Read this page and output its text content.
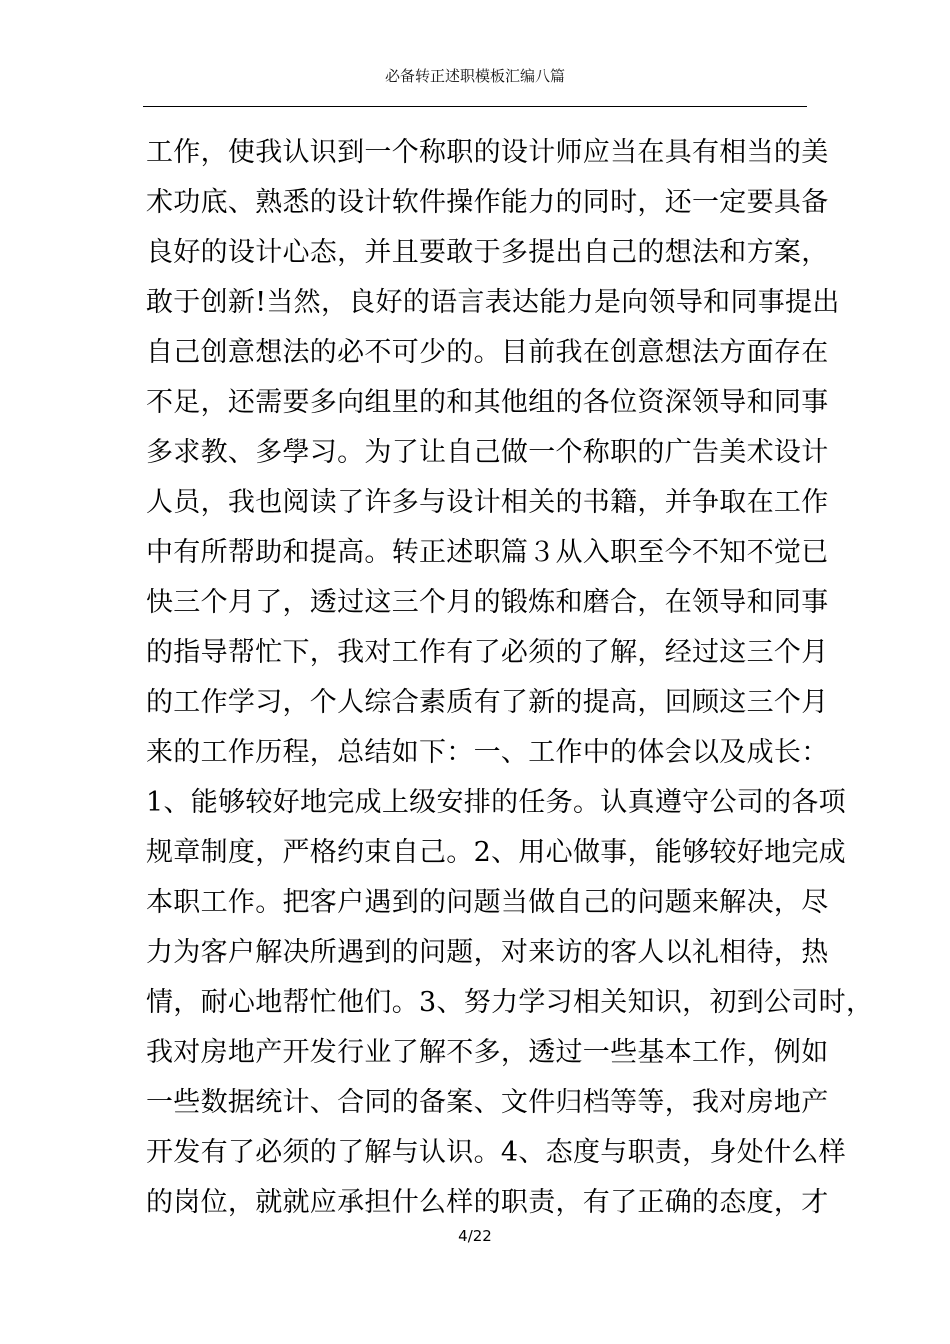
必备转正述职模板汇编八篇
工作，使我认识到一个称职的设计师应当在具有相当的美
术功底、熟悉的设计软件操作能力的同时，还一定要具备
良好的设计心态，并且要敢于多提出自己的想法和方案，
敢于创新!当然，良好的语言表达能力是向领导和同事提出
自己创意想法的必不可少的。目前我在创意想法方面存在
不足，还需要多向组里的和其他组的各位资深领导和同事
多求教、多學习。为了让自己做一个称职的广告美术设计
人员，我也阅读了许多与设计相关的书籍，并争取在工作
中有所帮助和提高。转正述职篇３从入职至今不知不觉已
快三个月了，透过这三个月的锻炼和磨合，在领导和同事
的指导帮忙下，我对工作有了必须的了解，经过这三个月
的工作学习，个人综合素质有了新的提高，回顾这三个月
来的工作历程，总结如下：一、工作中的体会以及成长：
1、能够较好地完成上级安排的任务。认真遵守公司的各项
规章制度，严格约束自己。2、用心做事，能够较好地完成
本职工作。把客户遇到的问题当做自己的问题来解决，尽
力为客户解决所遇到的问题，对来访的客人以礼相待，热
情，耐心地帮忙他们。3、努力学习相关知识，初到公司时，
我对房地产开发行业了解不多，透过一些基本工作，例如
一些数据统计、合同的备案、文件归档等等，我对房地产
开发有了必须的了解与认识。4、态度与职责，身处什么样
的岗位，就就应承担什么样的职责，有了正确的态度，才
4/22
